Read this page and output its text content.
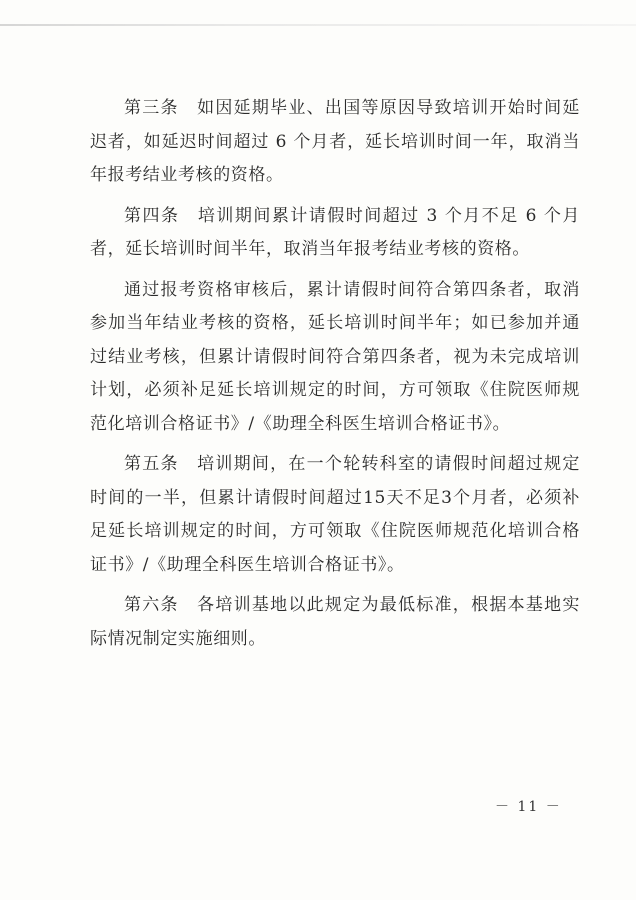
第三条　如因延期毕业、出国等原因导致培训开始时间延迟者，如延迟时间超过 6 个月者，延长培训时间一年，取消当年报考结业考核的资格。

第四条　培训期间累计请假时间超过 3 个月不足 6 个月者，延长培训时间半年，取消当年报考结业考核的资格。

通过报考资格审核后，累计请假时间符合第四条者，取消参加当年结业考核的资格，延长培训时间半年；如已参加并通过结业考核，但累计请假时间符合第四条者，视为未完成培训计划，必须补足延长培训规定的时间，方可领取《住院医师规范化培训合格证书》/《助理全科医生培训合格证书》。

第五条　培训期间，在一个轮转科室的请假时间超过规定时间的一半，但累计请假时间超过15天不足3个月者，必须补足延长培训规定的时间，方可领取《住院医师规范化培训合格证书》/《助理全科医生培训合格证书》。

第六条　各培训基地以此规定为最低标准，根据本基地实际情况制定实施细则。

－ 11 －
